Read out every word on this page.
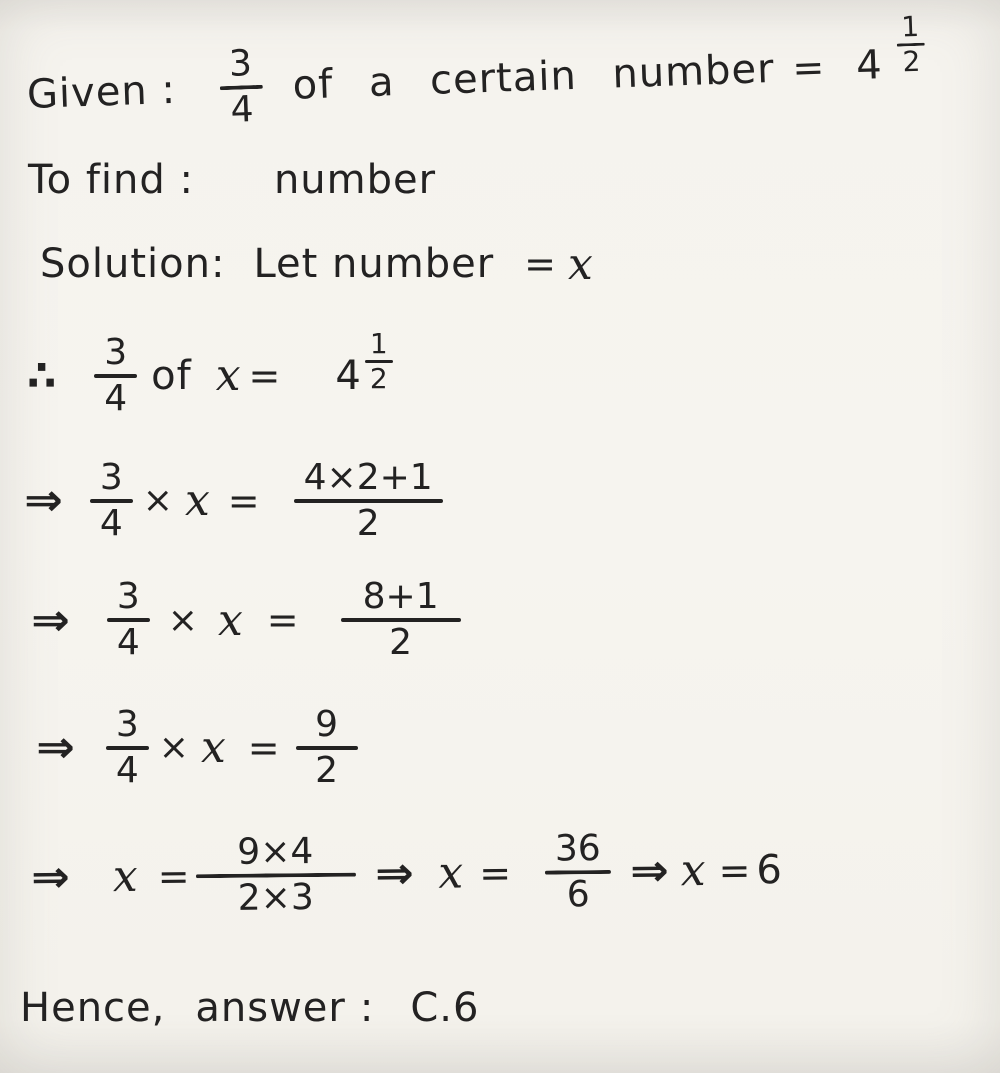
Given :
3
4
of a certain number = $4 \frac{1}{2}$
To find : number
Solution: Let number = x
∴ $\frac{3}{4}$ of $x = 4 \frac{1}{2}$
⇒ $\frac{3}{4} \times x = \frac{4\times 2+1}{2}$
⇒ $\frac{3}{4} \times x = \frac{8+1}{2}$
⇒ $\frac{3}{4} \times x = \frac{9}{2}$
⇒ x =
9×4
2×3 ⇒ x =
36
6 ⇒ x = 6
Hence, answer : C.6
